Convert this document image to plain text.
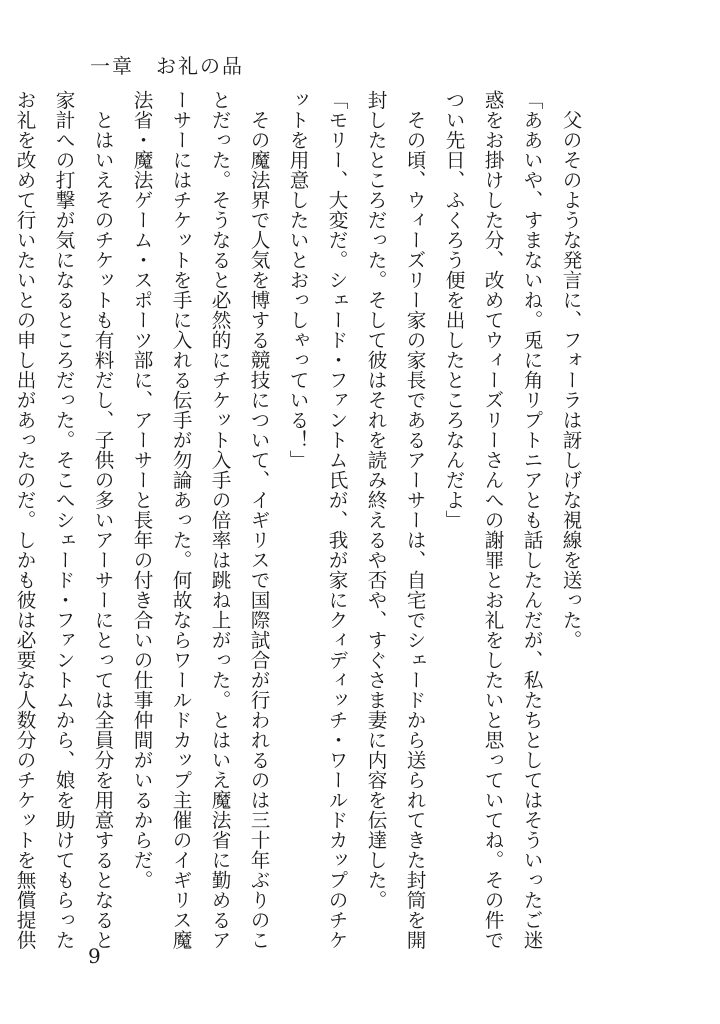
一章　お礼の品
父のそのような発言に、フォーラは訝しげな視線を送った。
「ああいや、すまないね。兎に角リプトニアとも話したんだが、私たちとしてはそういったご迷惑をお掛けした分、改めてウィーズリーさんへの謝罪とお礼をしたいと思っていてね。その件でつい先日、ふくろう便を出したところなんだよ」
その頃、ウィーズリー家の家長であるアーサーは、自宅でシェードから送られてきた封筒を開封したところだった。そして彼はそれを読み終えるや否や、すぐさま妻に内容を伝達した。
「モリー、大変だ。シェード・ファントム氏が、我が家にクィディッチ・ワールドカップのチケットを用意したいとおっしゃっている！」
その魔法界で人気を博する競技について、イギリスで国際試合が行われるのは三十年ぶりのことだった。そうなると必然的にチケット入手の倍率は跳ね上がった。とはいえ魔法省に勤めるアーサーにはチケットを手に入れる伝手が勿論あった。何故ならワールドカップ主催のイギリス魔法省・魔法ゲーム・スポーツ部に、アーサーと長年の付き合いの仕事仲間がいるからだ。
とはいえそのチケットも有料だし、子供の多いアーサーにとっては全員分を用意するとなると家計への打撃が気になるところだった。そこへシェード・ファントムから、娘を助けてもらったお礼を改めて行いたいとの申し出があったのだ。しかも彼は必要な人数分のチケットを無償提供
9
